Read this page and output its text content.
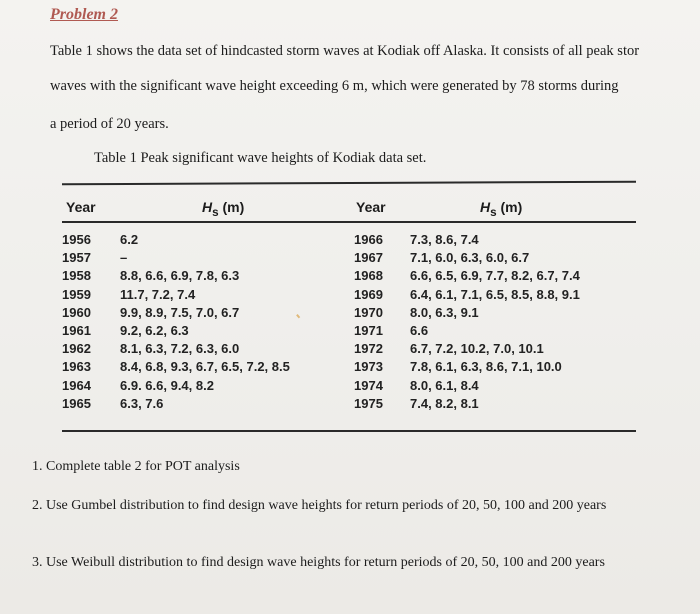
Problem 2
Table 1 shows the data set of hindcasted storm waves at Kodiak off Alaska. It consists of all peak stor
waves with the significant wave height exceeding 6 m, which were generated by 78 storms during
a period of 20 years.
Table 1 Peak significant wave heights of Kodiak data set.
Year	$H_s$ (m)	Year	$H_s$ (m)
1956 6.2	1966 7.3, 8.6, 7.4
1957 –	1967 7.1, 6.0, 6.3, 6.0, 6.7
1958 8.8, 6.6, 6.9, 7.8, 6.3	1968 6.6, 6.5, 6.9, 7.7, 8.2, 6.7, 7.4
1959 11.7, 7.2, 7.4	1969 6.4, 6.1, 7.1, 6.5, 8.5, 8.8, 9.1
1960 9.9, 8.9, 7.5, 7.0, 6.7	1970 8.0, 6.3, 9.1
1961 9.2, 6.2, 6.3	1971 6.6
1962 8.1, 6.3, 7.2, 6.3, 6.0	1972 6.7, 7.2, 10.2, 7.0, 10.1
1963 8.4, 6.8, 9.3, 6.7, 6.5, 7.2, 8.5	1973 7.8, 6.1, 6.3, 8.6, 7.1, 10.0
1964 6.9. 6.6, 9.4, 8.2	1974 8.0, 6.1, 8.4
1965 6.3, 7.6	1975 7.4, 8.2, 8.1
1. Complete table 2 for POT analysis
2. Use Gumbel distribution to find design wave heights for return periods of 20, 50, 100 and 200 years
3. Use Weibull distribution to find design wave heights for return periods of 20, 50, 100 and 200 years
